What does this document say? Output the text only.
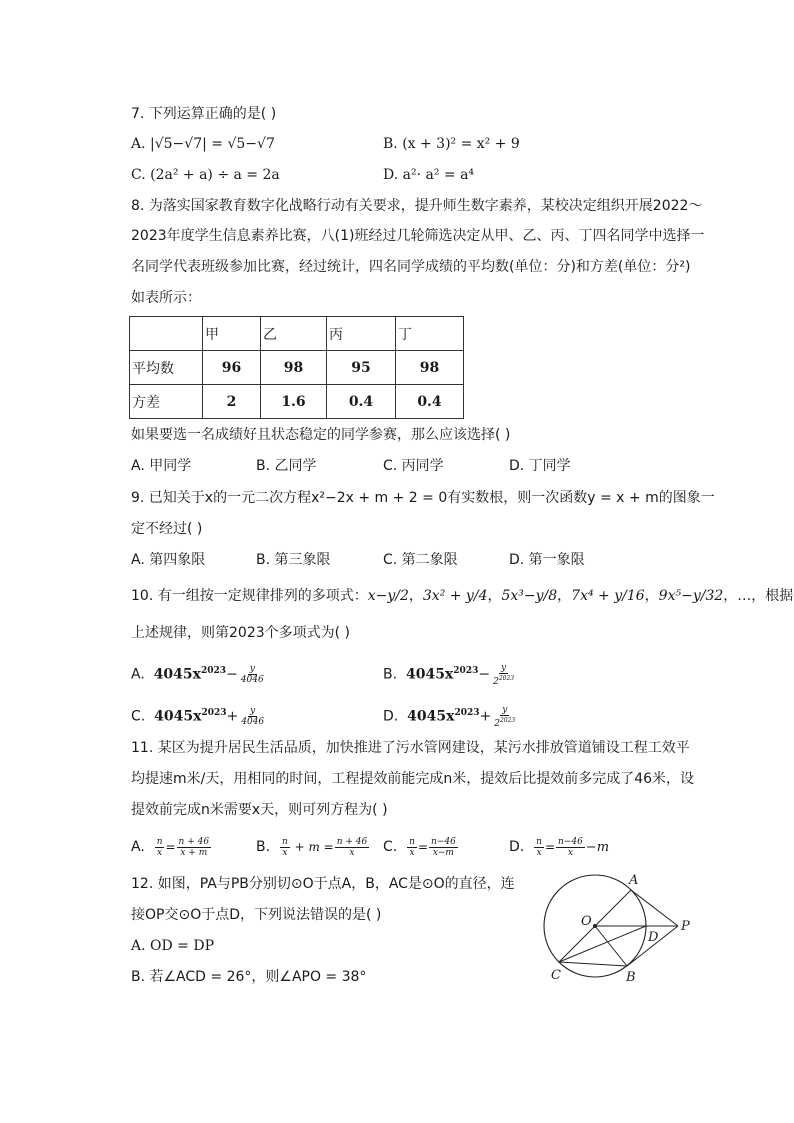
7. 下列运算正确的是( )
A. |√5−√7| = √5−√7	B. (x + 3)² = x² + 9
C. (2a² + a) ÷ a = 2a	D. a²· a² = a⁴
8. 为落实国家教育数字化战略行动有关要求，提升师生数字素养，某校决定组织开展2022～
2023年度学生信息素养比赛，八(1)班经过几轮筛选决定从甲、乙、丙、丁四名同学中选择一
名同学代表班级参加比赛，经过统计，四名同学成绩的平均数(单位：分)和方差(单位：分²)
如表所示：
	甲	乙	丙	丁
平均数	96	98	95	98
方差	2	1.6	0.4	0.4
如果要选一名成绩好且状态稳定的同学参赛，那么应该选择( )
A. 甲同学	B. 乙同学	C. 丙同学	D. 丁同学
9. 已知关于x的一元二次方程x²−2x + m + 2 = 0有实数根，则一次函数y = x + m的图象一
定不经过( )
A. 第四象限	B. 第三象限	C. 第二象限	D. 第一象限
10. 有一组按一定规律排列的多项式：x−y/2，3x² + y/4，5x³−y/8，7x⁴ + y/16，9x⁵−y/32，…，根据
上述规律，则第2023个多项式为( )
A. $4045x^{2023}- \frac{y}{4046}$	B. $4045x^{2023}- \frac{y}{2^{2023}}$
C. $4045x^{2023}+ \frac{y}{4046}$	D. $4045x^{2023}+ \frac{y}{2^{2023}}$
11. 某区为提升居民生活品质，加快推进了污水管网建设，某污水排放管道铺设工程工效平
均提速m米/天，用相同的时间，工程提效前能完成n米，提效后比提效前多完成了46米，设
提效前完成n米需要x天，则可列方程为( )
A. $\frac{n}{x} = \frac{n + 46}{x + m}$	B. $\frac{n}{x} + m = \frac{n + 46}{x} C$. $\frac{n}{x} = \frac{n-46}{x-m}$	D. $\frac{n}{x} = \frac{n-46}{x} -m$
12. 如图，PA与PB分别切⊙O于点A，B，AC是⊙O的直径，连
接OP交⊙O于点D，下列说法错误的是( )
A. OD = DP
B. 若∠ACD = 26°，则∠APO = 38°
A
O
D
P
C	B
